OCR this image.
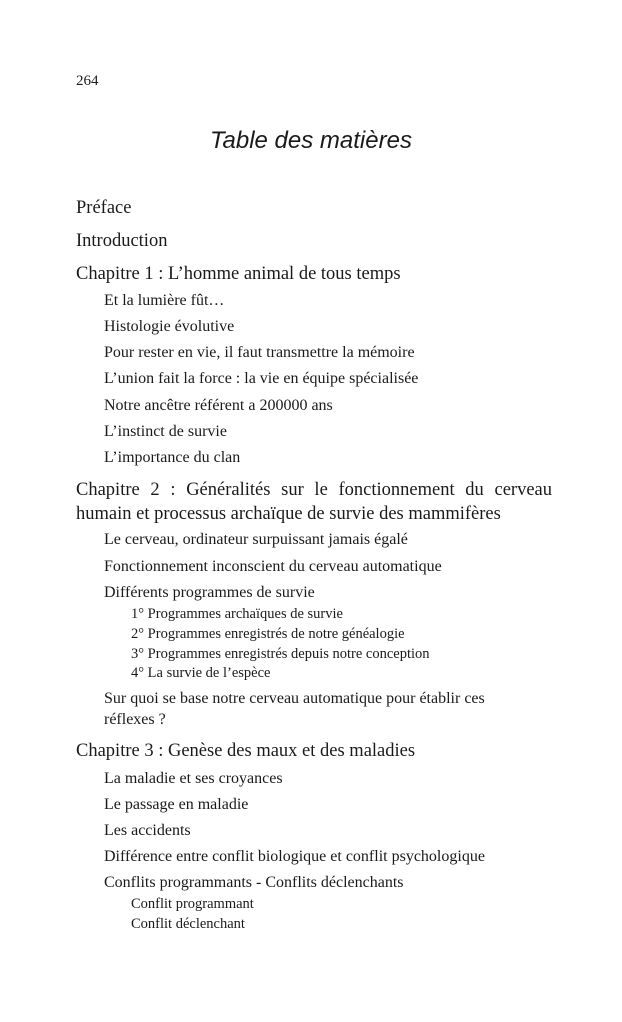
264
Table des matières
Préface
Introduction
Chapitre 1 : L’homme animal de tous temps
Et la lumière fût…
Histologie évolutive
Pour rester en vie, il faut transmettre la mémoire
L’union fait la force : la vie en équipe spécialisée
Notre ancêtre référent a 200000 ans
L’instinct de survie
L’importance du clan
Chapitre 2 : Généralités sur le fonctionnement du cerveau humain et processus archaïque de survie des mammifères
Le cerveau, ordinateur surpuissant jamais égalé
Fonctionnement inconscient du cerveau automatique
Différents programmes de survie
1° Programmes archaïques de survie
2° Programmes enregistrés de notre généalogie
3° Programmes enregistrés depuis notre conception
4° La survie de l’espèce
Sur quoi se base notre cerveau automatique pour établir ces réflexes ?
Chapitre 3 : Genèse des maux et des maladies
La maladie et ses croyances
Le passage en maladie
Les accidents
Différence entre conflit biologique et conflit psychologique
Conflits programmants - Conflits déclenchants
Conflit programmant
Conflit déclenchant
